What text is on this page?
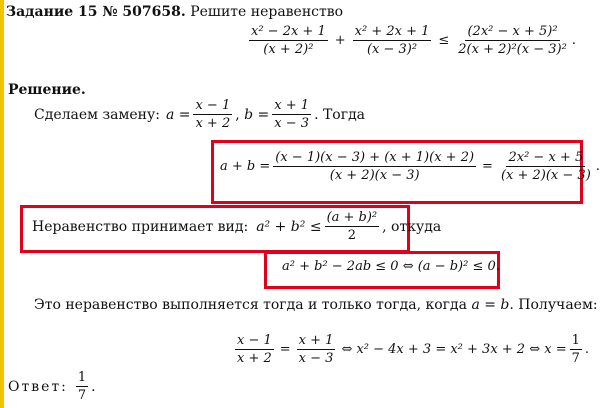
Задание 15 № 507658. Решите неравенство
$\frac{\text{x² − 2x + 1}}{\text{(x + 2)²}} + \frac{\text{x² + 2x + 1}}{\text{(x − 3)²}} \le \frac{\text{(2x² − x + 5)²}}{\text{2(x + 2)²(x − 3)²}}$ .
Решение.
Сделаем замену: $a = \frac{x - 1}{x + 2}$ , $b = \frac{x + 1}{x - 3}$ . Тогда
$a + b = \frac{(x - 1)(x - 3) + (x + 1)(x + 2)}{(x + 2)(x - 3)} = \frac{\text{2x² − x + 5}}{(x + 2)(x - 3)}$ .
Неравенство принимает вид: $a^2 + b^2 \le \frac{\text{(a + b)²}}{2}$ , откуда
a² + b² − 2ab ≤ 0 ⇔ (a − b)² ≤ 0.
Это неравенство выполняется тогда и только тогда, когда a = b. Получаем:
$\frac{x - 1}{x + 2} = \frac{x + 1}{x - 3}$ ⇔ x² − 4x + 3 = x² + 3x + 2 ⇔ $x = \frac{1}{7}$ .
Ответ: $\frac{1}{7}$ .
